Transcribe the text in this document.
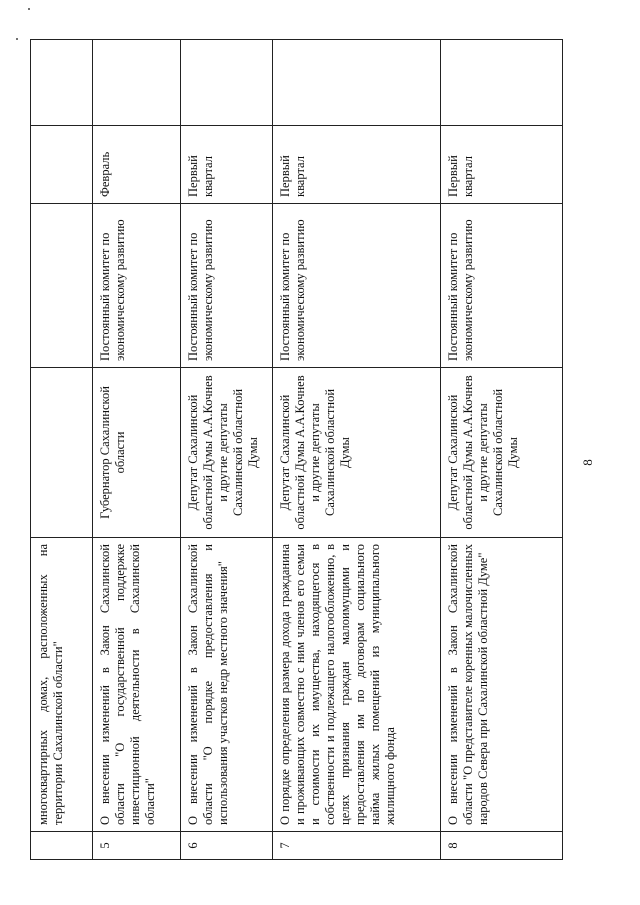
	многоквартирных домах, расположенных на территории Сахалинской области"				
5	О внесении изменений в Закон Сахалинской области "О государственной поддержке инвестиционной деятельности в Сахалинской области"	Губернатор Сахалинской области	Постоянный комитет по экономическому развитию	Февраль	
6	О внесении изменений в Закон Сахалинской области "О порядке предоставления и использования участков недр местного значения"	Депутат Сахалинской областной Думы А.А.Кочнев и другие депутаты Сахалинской областной Думы	Постоянный комитет по экономическому развитию	Первый квартал	
7	О порядке определения размера дохода гражданина и проживающих совместно с ним членов его семьи и стоимости их имущества, находящегося в собственности и подлежащего налогообложению, в целях признания граждан малоимущими и предоставления им по договорам социального найма жилых помещений из муниципального жилищного фонда	Депутат Сахалинской областной Думы А.А.Кочнев и другие депутаты Сахалинской областной Думы	Постоянный комитет по экономическому развитию	Первый квартал	
8	О внесении изменений в Закон Сахалинской области "О представителе коренных малочисленных народов Севера при Сахалинской областной Думе"	Депутат Сахалинской областной Думы А.А.Кочнев и другие депутаты Сахалинской областной Думы	Постоянный комитет по экономическому развитию	Первый квартал	
8
